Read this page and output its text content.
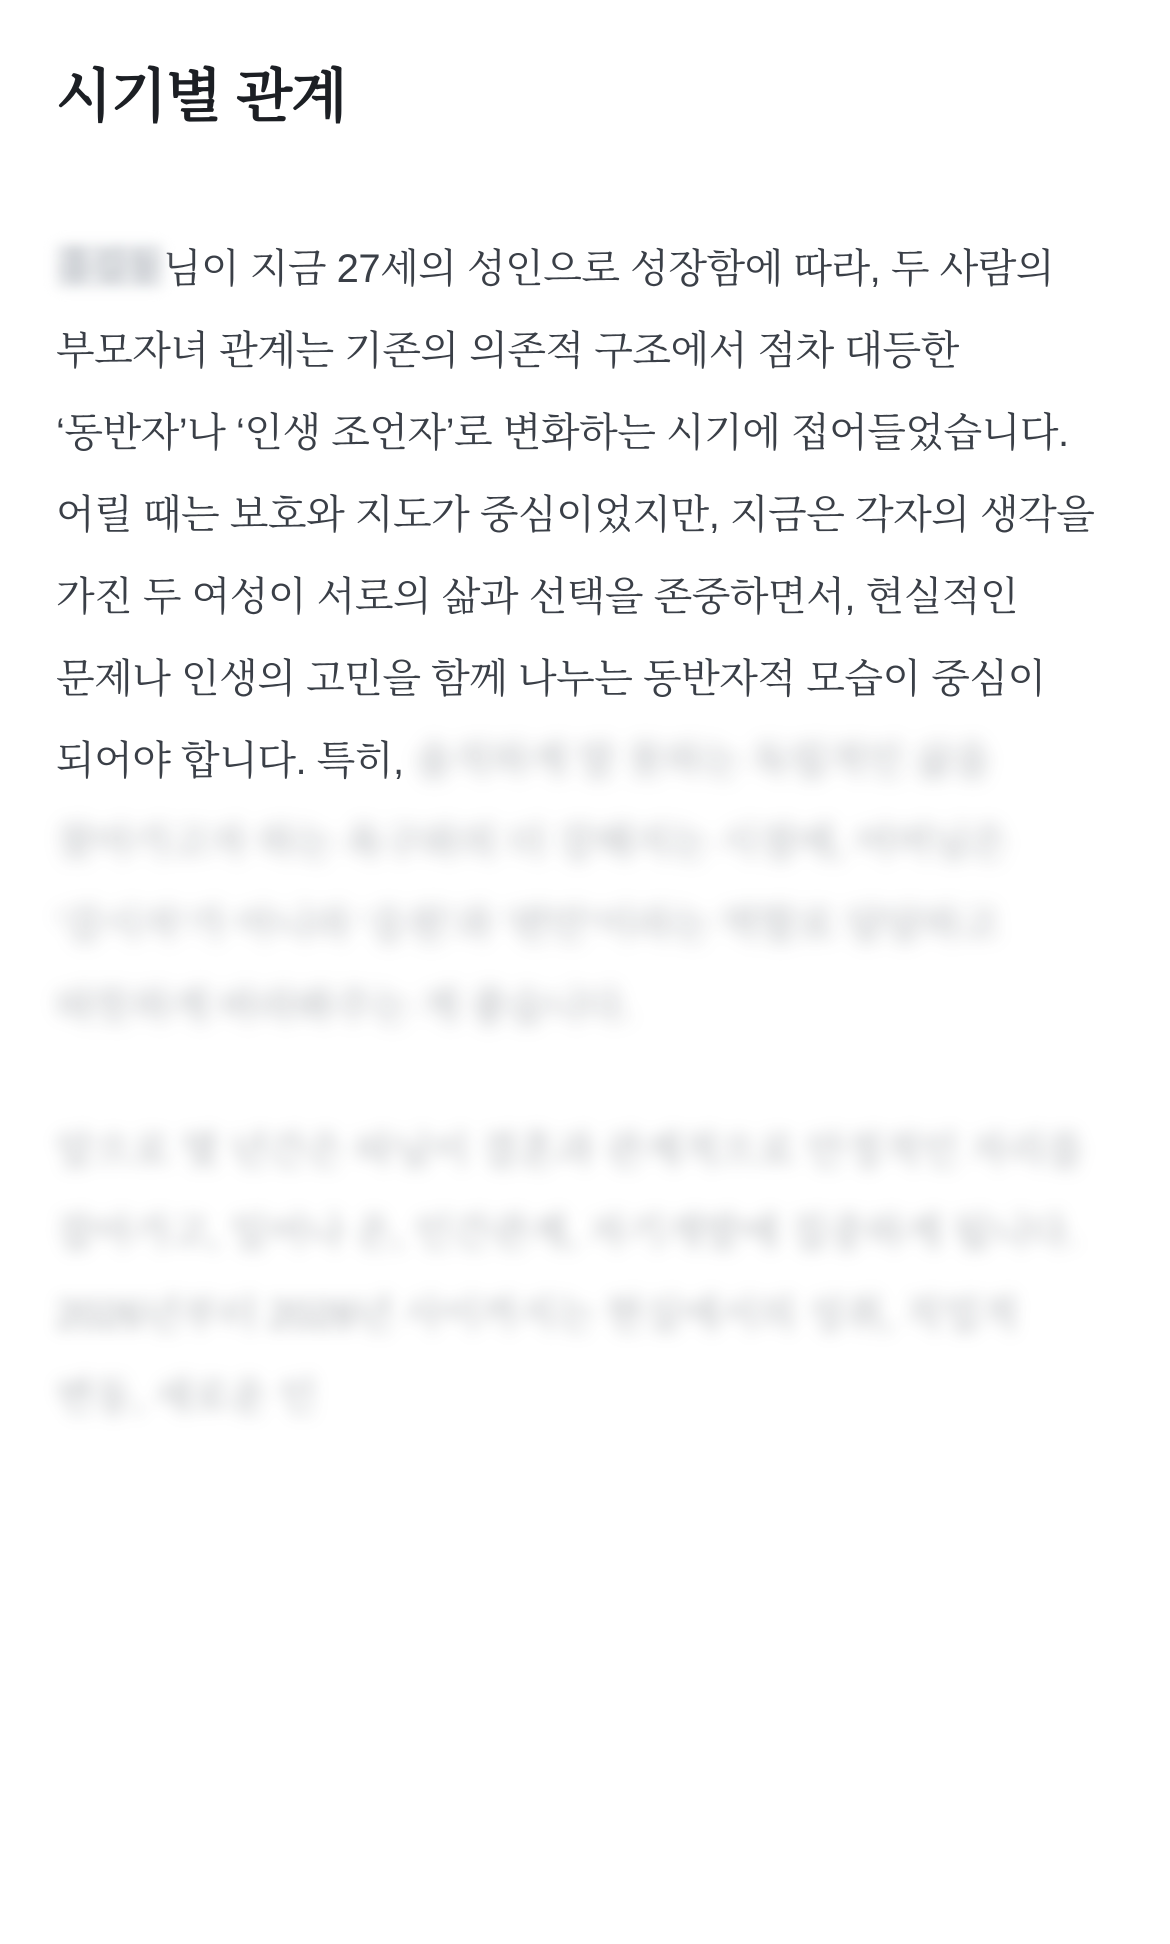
시기별 관계

홍길동님이 지금 27세의 성인으로 성장함에 따라, 두 사람의 부모자녀 관계는 기존의 의존적 구조에서 점차 대등한 ‘동반자’나 ‘인생 조언자’로 변화하는 시기에 접어들었습니다. 어릴 때는 보호와 지도가 중심이었지만, 지금은 각자의 생각을 가진 두 여성이 서로의 삶과 선택을 존중하면서, 현실적인 문제나 인생의 고민을 함께 나누는 동반자적 모습이 중심이 되어야 합니다. 특히, 솔직하게 말 못하는 독립적인 삶을 찾아가고자 하는 욕구와의 더 강해지는 시점에, 어머님은 ‘감시자’가 아니라 ‘응원’과 ‘편안’이라는 역할로 담담하고 따뜻하게 바라봐주는 게 좋습니다.

앞으로 몇 년간은 따님이 결혼과 관계적으로 안정적인 자리를 잡아가고, 일어나 온, 인간관계, 자기개발에 집중하게 됩니다. 2026년부터 2028년 사이까지는 현실에서의 성취, 직업적 변동, 새로운 인
